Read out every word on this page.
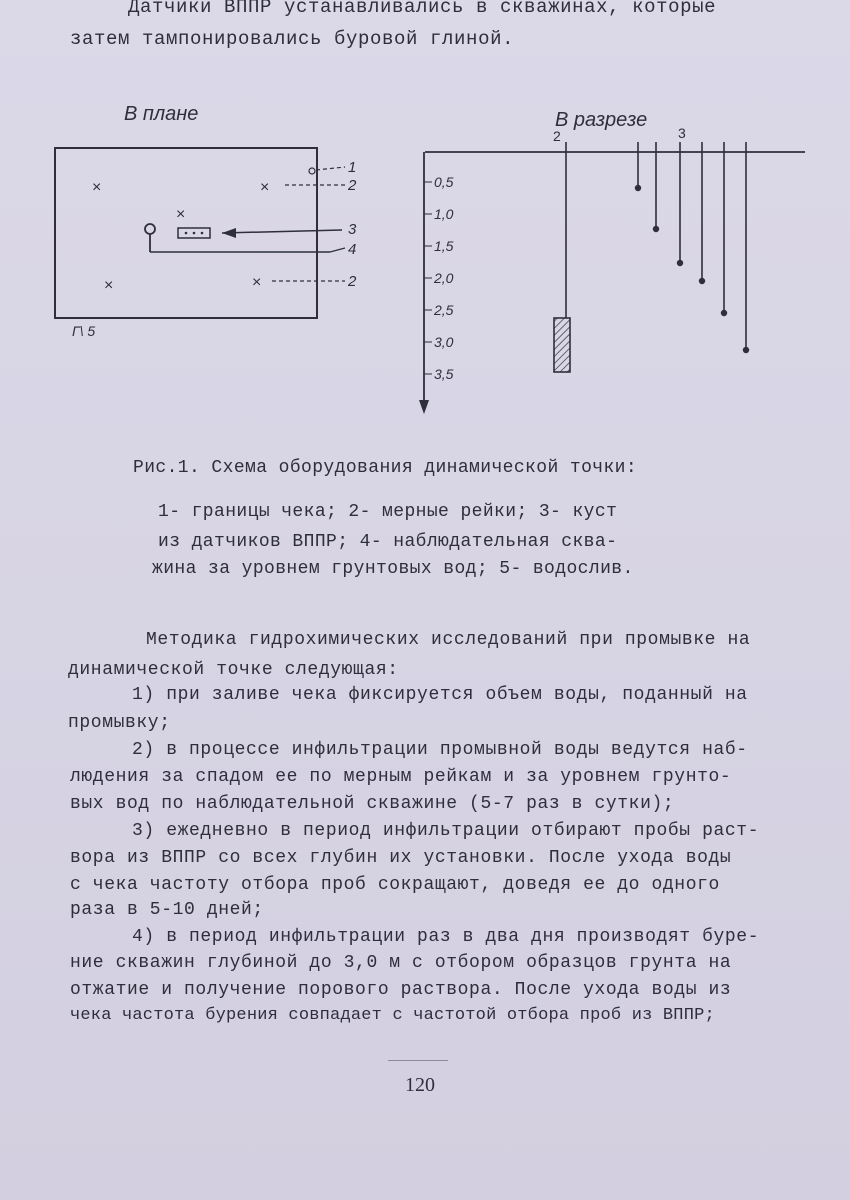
Датчики ВППР устанавливались в скважинах, которые
затем тампонировались буровой глиной.
В плане
×	×
×
×	×
1
2
3
4
2
Г\ 5
В разрезе
2	3
0,5
1,0
1,5
2,0
2,5
3,0
3,5
Рис.1. Схема оборудования динамической точки:
1- границы чека; 2- мерные рейки; 3- куст
из датчиков ВППР; 4- наблюдательная сква-
жина за уровнем грунтовых вод; 5- водослив.
Методика гидрохимических исследований при промывке на
динамической точке следующая:
1) при заливе чека фиксируется объем воды, поданный на
промывку;
2) в процессе инфильтрации промывной воды ведутся наб-
людения за спадом ее по мерным рейкам и за уровнем грунто-
вых вод по наблюдательной скважине (5-7 раз в сутки);
3) ежедневно в период инфильтрации отбирают пробы раст-
вора из ВППР со всех глубин их установки. После ухода воды
с чека частоту отбора проб сокращают, доведя ее до одного
раза в 5-10 дней;
4) в период инфильтрации раз в два дня производят буре-
ние скважин глубиной до 3,0 м с отбором образцов грунта на
отжатие и получение порового раствора. После ухода воды из
чека частота бурения совпадает с частотой отбора проб из ВППР;
120
